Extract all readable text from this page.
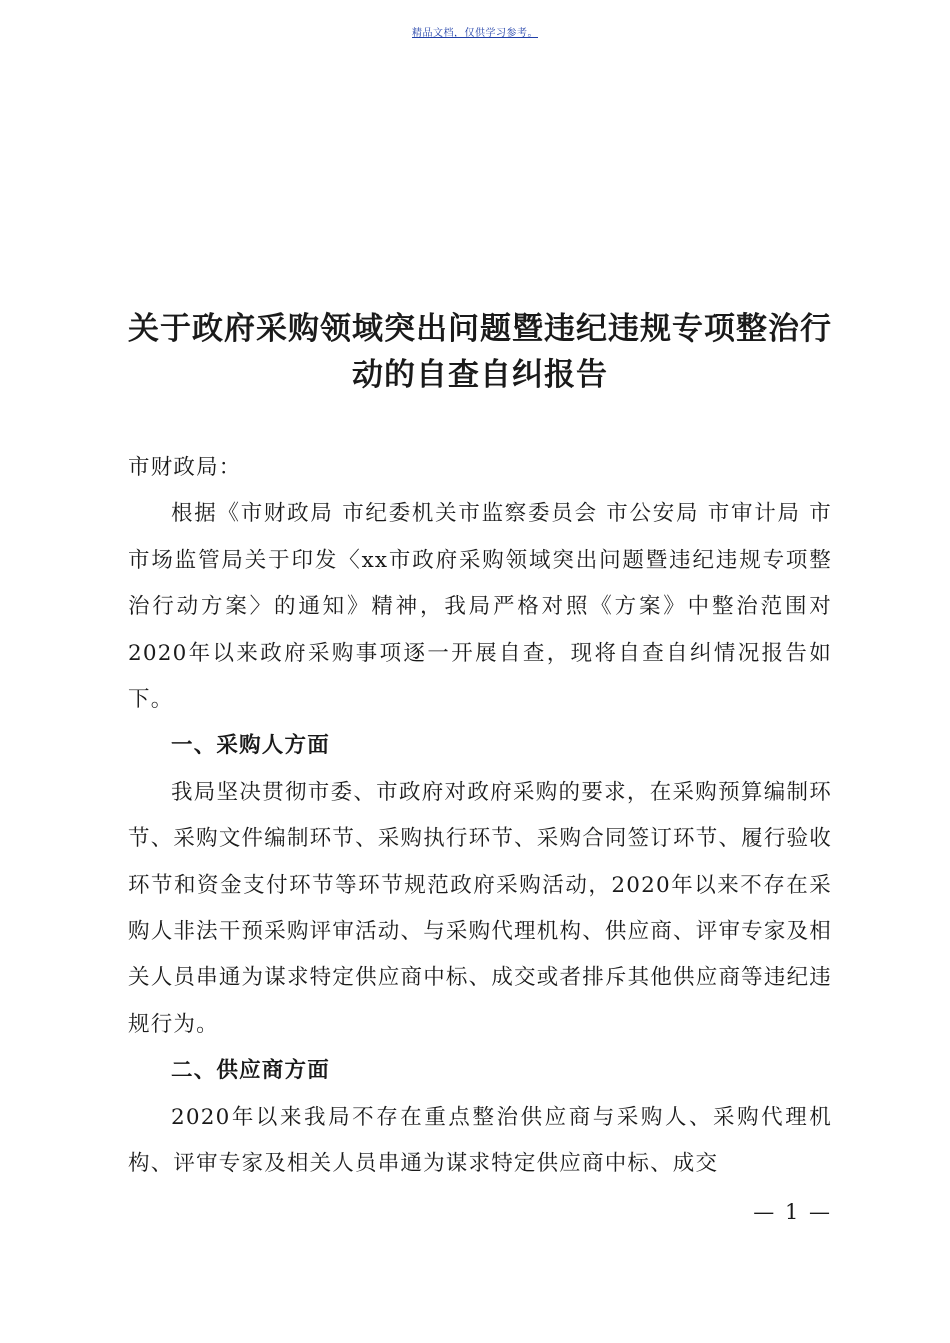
精品文档，仅供学习参考。
关于政府采购领域突出问题暨违纪违规专项整治行动的自查自纠报告

市财政局：

根据《市财政局 市纪委机关市监察委员会 市公安局 市审计局 市市场监管局关于印发〈xx市政府采购领域突出问题暨违纪违规专项整治行动方案〉的通知》精神，我局严格对照《方案》中整治范围对2020年以来政府采购事项逐一开展自查，现将自查自纠情况报告如下。

一、采购人方面

我局坚决贯彻市委、市政府对政府采购的要求，在采购预算编制环节、采购文件编制环节、采购执行环节、采购合同签订环节、履行验收环节和资金支付环节等环节规范政府采购活动，2020年以来不存在采购人非法干预采购评审活动、与采购代理机构、供应商、评审专家及相关人员串通为谋求特定供应商中标、成交或者排斥其他供应商等违纪违规行为。

二、供应商方面

2020年以来我局不存在重点整治供应商与采购人、采购代理机构、评审专家及相关人员串通为谋求特定供应商中标、成交

— 1 —
